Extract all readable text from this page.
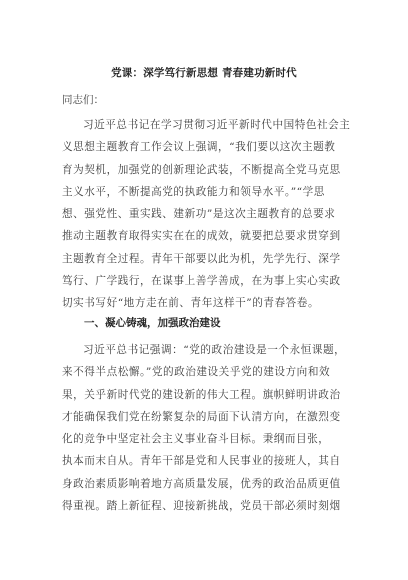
党课：深学笃行新思想 青春建功新时代
同志们：
习近平总书记在学习贯彻习近平新时代中国特色社会主
义思想主题教育工作会议上强调，“我们要以这次主题教
育为契机，加强党的创新理论武装，不断提高全党马克思
主义水平，不断提高党的执政能力和领导水平。”“学思
想、强党性、重实践、建新功”是这次主题教育的总要求
推动主题教育取得实实在在的成效，就要把总要求贯穿到
主题教育全过程。青年干部要以此为机，先学先行、深学
笃行、广学践行，在谋事上善学善成，在为事上实心实政
切实书写好“地方走在前、青年这样干”的青春答卷。
一、凝心铸魂，加强政治建设
习近平总书记强调：“党的政治建设是一个永恒课题，
来不得半点松懈。”党的政治建设关乎党的建设方向和效
果，关乎新时代党的建设新的伟大工程。旗帜鲜明讲政治
才能确保我们党在纷繁复杂的局面下认清方向，在激烈变
化的竞争中坚定社会主义事业奋斗目标。秉纲而目张，
执本而末自从。青年干部是党和人民事业的接班人，其自
身政治素质影响着地方高质量发展，优秀的政治品质更值
得重视。踏上新征程、迎接新挑战，党员干部必须时刻烟
